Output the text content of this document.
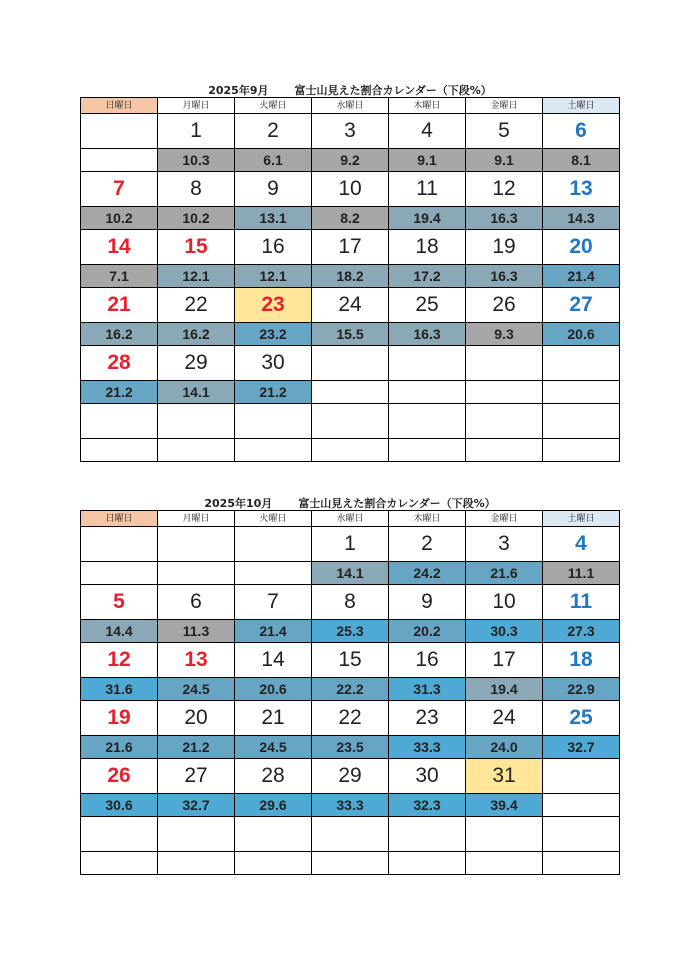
2025年9月 富士山見えた割合カレンダー（下段%）
日曜日	月曜日	火曜日	水曜日	木曜日	金曜日	土曜日
	1	2	3	4	5	6
	10.3	6.1	9.2	9.1	9.1	8.1
7	8	9	10	11	12	13
10.2	10.2	13.1	8.2	19.4	16.3	14.3
14	15	16	17	18	19	20
7.1	12.1	12.1	18.2	17.2	16.3	21.4
21	22	23	24	25	26	27
16.2	16.2	23.2	15.5	16.3	9.3	20.6
28	29	30				
21.2	14.1	21.2				

2025年10月 富士山見えた割合カレンダー（下段%）
日曜日	月曜日	火曜日	水曜日	木曜日	金曜日	土曜日
			1	2	3	4
			14.1	24.2	21.6	11.1
5	6	7	8	9	10	11
14.4	11.3	21.4	25.3	20.2	30.3	27.3
12	13	14	15	16	17	18
31.6	24.5	20.6	22.2	31.3	19.4	22.9
19	20	21	22	23	24	25
21.6	21.2	24.5	23.5	33.3	24.0	32.7
26	27	28	29	30	31	
30.6	32.7	29.6	33.3	32.3	39.4	
